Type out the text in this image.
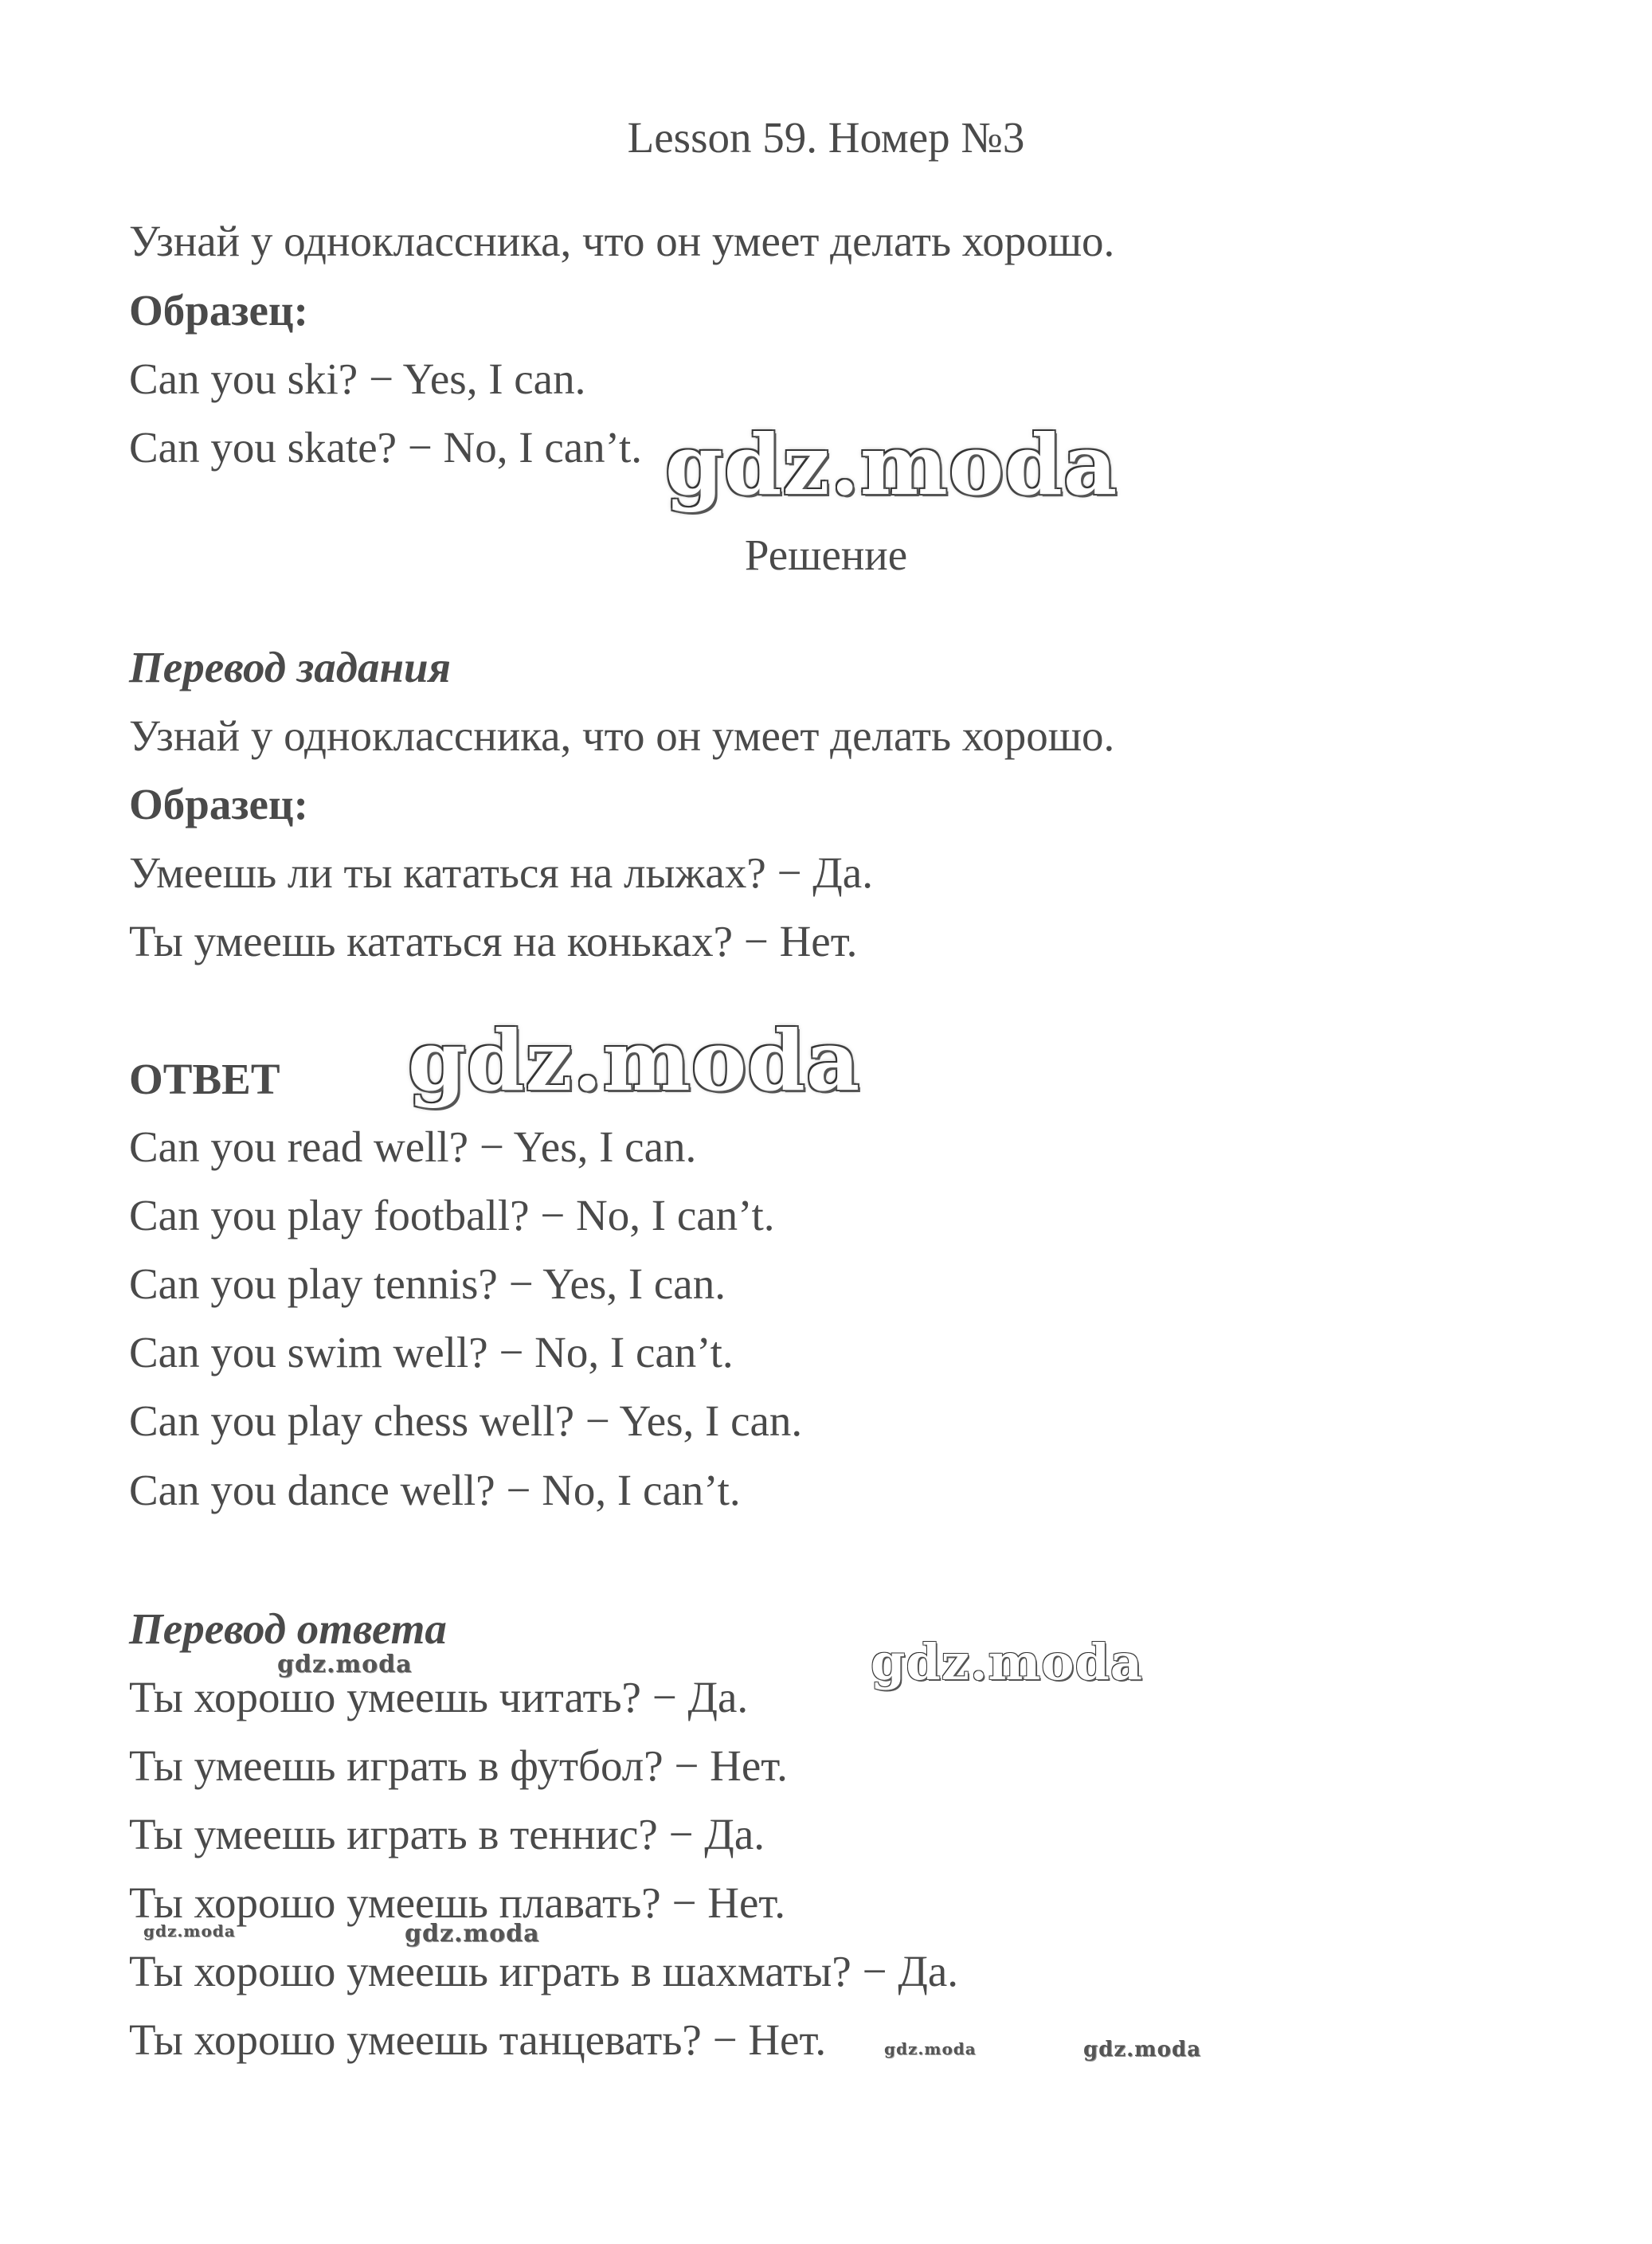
Lesson 59. Номер №3
Узнай у одноклассника, что он умеет делать хорошо.
Образец:
Can you ski? − Yes, I can.
Can you skate? − No, I can’t.
Решение
Перевод задания
Узнай у одноклассника, что он умеет делать хорошо.
Образец:
Умеешь ли ты кататься на лыжах? − Да.
Ты умеешь кататься на коньках? − Нет.
ОТВЕТ
Can you read well? − Yes, I can.
Can you play football? − No, I can’t.
Can you play tennis? − Yes, I can.
Can you swim well? − No, I can’t.
Can you play chess well? − Yes, I can.
Can you dance well? − No, I can’t.
Перевод ответа
Ты хорошо умеешь читать? − Да.
Ты умеешь играть в футбол? − Нет.
Ты умеешь играть в теннис? − Да.
Ты хорошо умеешь плавать? − Нет.
Ты хорошо умеешь играть в шахматы? − Да.
Ты хорошо умеешь танцевать? − Нет.
gdz.moda
gdz.moda
gdz.moda
gdz.moda
gdz.moda
gdz.moda
gdz.moda	gdz.moda
